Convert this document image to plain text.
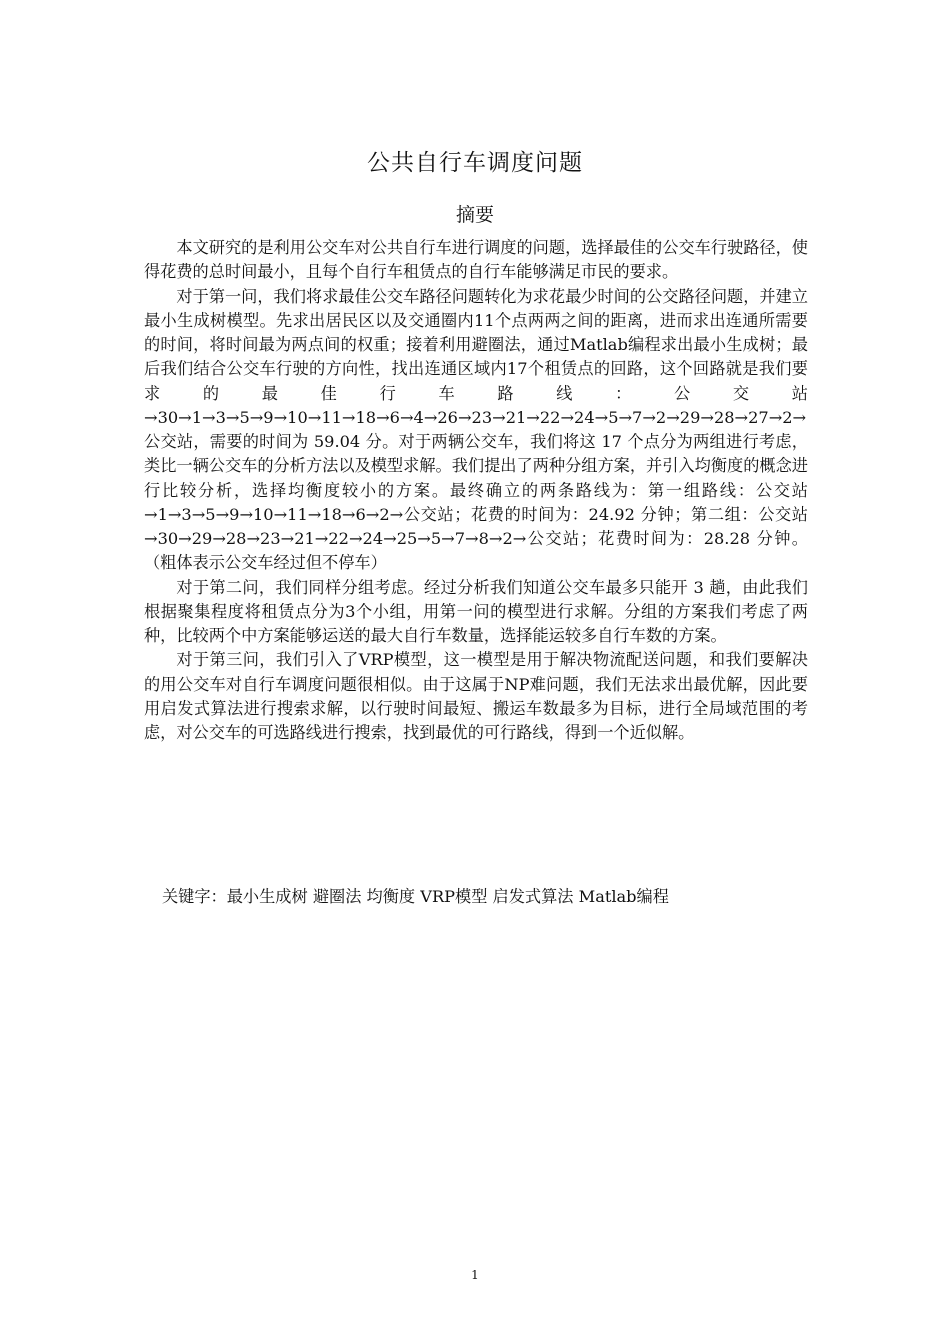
公共自行车调度问题
摘要

本文研究的是利用公交车对公共自行车进行调度的问题，选择最佳的公交车行驶路径，使得花费的总时间最小，且每个自行车租赁点的自行车能够满足市民的要求。

对于第一问，我们将求最佳公交车路径问题转化为求花最少时间的公交路径问题，并建立最小生成树模型。先求出居民区以及交通圈内11个点两两之间的距离，进而求出连通所需要的时间，将时间最为两点间的权重；接着利用避圈法，通过Matlab编程求出最小生成树；最后我们结合公交车行驶的方向性，找出连通区域内17个租赁点的回路，这个回路就是我们要求的最佳行车路线：公交站→30→1→3→5→9→10→11→18→6→4→26→23→21→22→24→5→7→2→29→28→27→2→公交站，需要的时间为 59.04 分。对于两辆公交车，我们将这 17 个点分为两组进行考虑，类比一辆公交车的分析方法以及模型求解。我们提出了两种分组方案，并引入均衡度的概念进行比较分析，选择均衡度较小的方案。最终确立的两条路线为：第一组路线：公交站→1→3→5→9→10→11→18→6→2→公交站；花费的时间为：24.92 分钟；第二组：公交站→30→29→28→23→21→22→24→25→5→7→8→2→公交站；花费时间为：28.28 分钟。（粗体表示公交车经过但不停车）

对于第二问，我们同样分组考虑。经过分析我们知道公交车最多只能开 3 趟，由此我们根据聚集程度将租赁点分为3个小组，用第一问的模型进行求解。分组的方案我们考虑了两种，比较两个中方案能够运送的最大自行车数量，选择能运较多自行车数的方案。

对于第三问，我们引入了VRP模型，这一模型是用于解决物流配送问题，和我们要解决的用公交车对自行车调度问题很相似。由于这属于NP难问题，我们无法求出最优解，因此要用启发式算法进行搜索求解，以行驶时间最短、搬运车数最多为目标，进行全局域范围的考虑，对公交车的可选路线进行搜索，找到最优的可行路线，得到一个近似解。

关键字：最小生成树 避圈法 均衡度 VRP模型 启发式算法 Matlab编程
1
